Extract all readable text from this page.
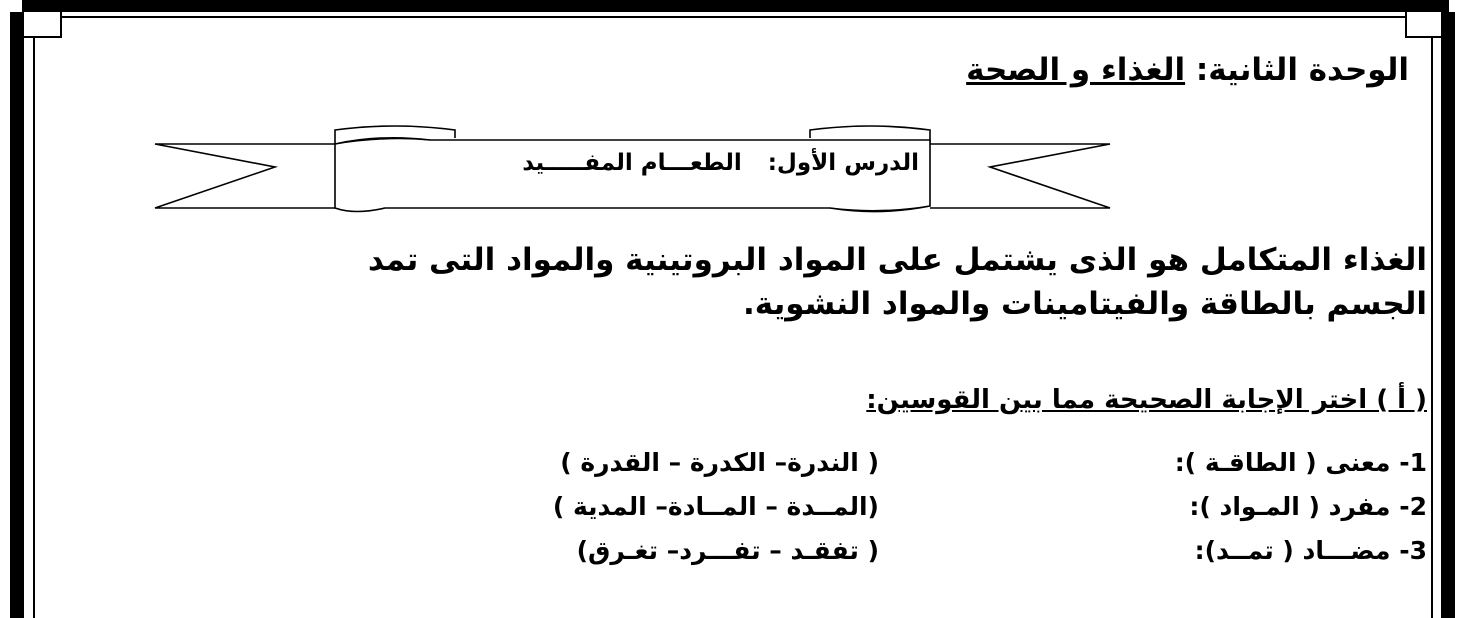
الوحدة الثانية: الغذاء و الصحة
الدرس الأول:الطعـــام المفـــــيد
الغذاء المتكامل هو الذى يشتمل على المواد البروتينية والمواد التى تمد
الجسم بالطاقة والفيتامينات والمواد النشوية.
( أ ) اختر الإجابة الصحيحة مما بين القوسين:
1- معنى ( الطاقـة ):
( الندرة– الكدرة – القدرة )
2- مفرد ( المـواد ):
(المــدة – المــادة– المدية )
3- مضـــاد ( تمــد):
( تفقـد – تفـــرد– تغـرق)
